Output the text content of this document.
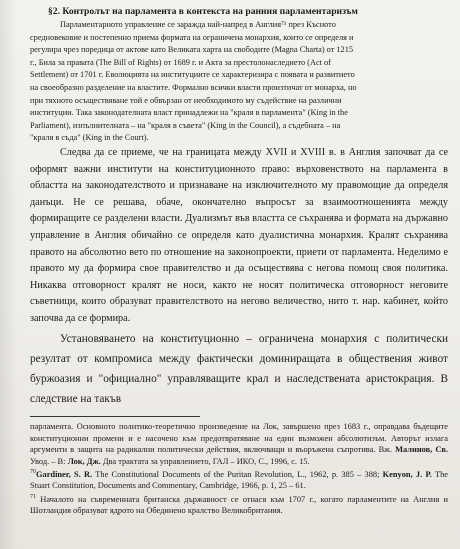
§2. Контролът на парламента в контекста на ранния парламентаризъм

Парламентарното управление се заражда най-напред в Англия⁷¹ през Късното
средновековие и постепенно приема формата на ограничена монархия, които се определя и
регулира чрез поредица от актове като Великата харта на свободите (Magna Charta) от 1215
г., Била за правата (The Bill of Rights) от 1689 г. и Акта за престолонаследието (Act of
Settlement) от 1701 г. Еволюцията на институциите се характеризира с появата и развитието
на своеобразно разделение на властите. Формално всички власти произтичат от монарха, но
при тяхното осъществяване той е обвързан от необходимото му съдействие на различни
институции. Така законодателната власт принадлежи на "краля в парламента" (King in the
Parliament), изпълнителната – на "краля в съвета" (King in the Council), а съдебната – на
"краля в съда" (King in the Court).

Следва да се приеме, че на границата между XVII и XVIII в. в Англия започват да се оформят важни институти на конституционното право: върховенството на парламента в областта на законодателството и признаване на изключителното му правомощие да определя данъци. Не се решава, обаче, окончателно въпросът за взаимоотношенията между формиращите се разделени власти. Дуализмът във властта се съхранява и формата на държавно управление в Англия обичайно се определя като дуалистична монархия. Кралят съхранява правото на абсолютно вето по отношение на законопроекти, приети от парламента. Неделимо е правото му да формира свое правителство и да осъществява с негова помощ своя политика. Никаква отговорност кралят не носи, както не носят политическа отговорност неговите съветници, които образуват правителството на негово величество, нито т. нар. кабинет, който започва да се формира.

Установяването на конституционно – ограничена монархия с политически резултат от компромиса между фактически доминиращата в обществения живот буржоазия и "официално" управляващите крал и наследствената аристокрация. В следствие на такъв

парламента. Основното политико-теоретично произведение на Лок, завършено през 1683 г., оправдава бъдещите конституционни промени и е насочено към предотвратяване на един възможен абсолютизъм. Авторът излага аргументи в защита на радикални политически действия, включващи и въоръжена съпротива. Вж. Малинов, Св. Увод. – В: Лок, Дж. Два трактата за управлението, ГАЛ – ИКО, С., 1996, с. 15.

$^{70}$Gardiner, S. R. The Constitutional Documents of the Puritan Revolution, L., 1962, p. 385 – 388; Kenyon, J. P. The Stuart Constitution, Documents and Commentary, Cambridge, 1966, p. 1, 25 – 61.

$^{71}$ Началото на съвременната британска държавност се отнася към 1707 г., когато парламентите на Англия и Шотландия образуват ядрото на Обединено кралство Великобритания.
